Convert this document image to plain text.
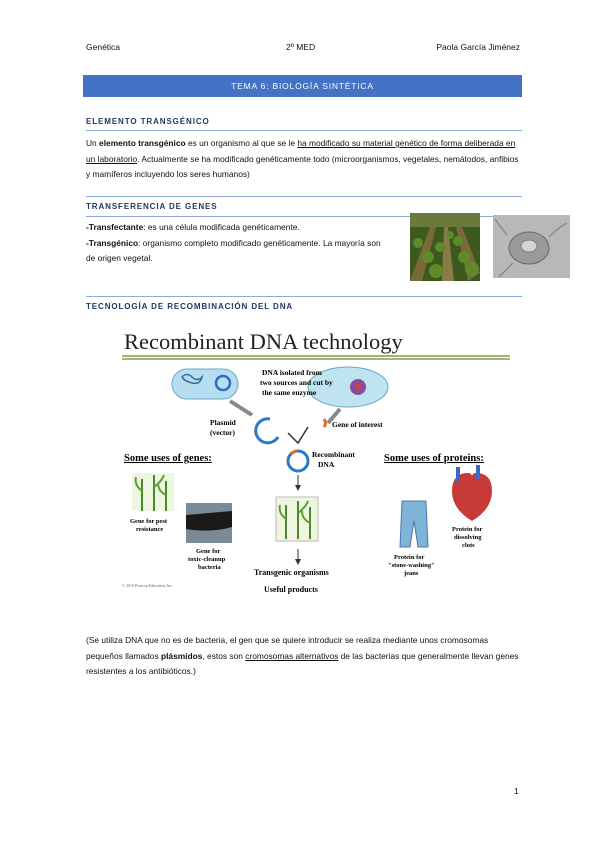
Genética	2º MED	Paola García Jiménez
TEMA 6: BIOLOGÍA SINTÉTICA
ELEMENTO TRANSGÉNICO
Un elemento transgénico es un organismo al que se le ha modificado su material genético de forma deliberada en un laboratorio. Actualmente se ha modificado genéticamente todo (microorganismos, vegetales, nemátodos, anfibios y mamíferos incluyendo los seres humanos)
TRANSFERENCIA DE GENES
-Transfectante: es una célula modificada genéticamente.
-Transgénico: organismo completo modificado genéticamente. La mayoría son de origen vegetal.
TECNOLOGÍA DE RECOMBINACIÓN DEL DNA
Recombinant DNA technology
DNA isolated from
two sources and cut by
the same enzyme
Plasmid
(vector)
Gene of interest
Recombinant
DNA
Some uses of genes:	Some uses of proteins:
Gene for pest
resistance
Gene for
toxic-cleanup
bacteria
Transgenic organisms
Useful products
Protein for
"stone-washing"
jeans
Protein for
dissolving
clots
© 2010 Pearson Education, Inc.
(Se utiliza DNA que no es de bacteria, el gen que se quiere introducir se realiza mediante unos cromosomas pequeños llamados plásmidos, estos son cromosomas alternativos de las bacterias que generalmente llevan genes resistentes a los antibióticos.)
1
